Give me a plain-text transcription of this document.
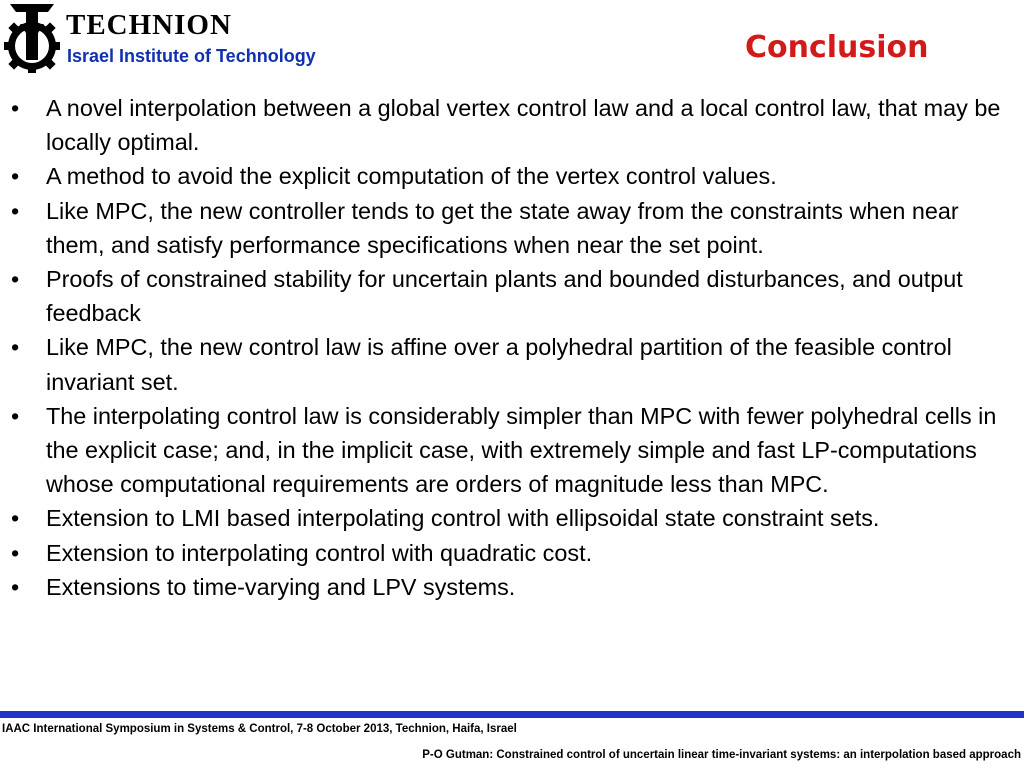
TECHNION
Israel Institute of Technology	Conclusion
• A novel interpolation between a global vertex control law and a local control law, that may be locally optimal.
• A method to avoid the explicit computation of the vertex control values.
• Like MPC, the new controller tends to get the state away from the constraints when near them, and satisfy performance specifications when near the set point.
• Proofs of constrained stability for uncertain plants and bounded disturbances, and output feedback
• Like MPC, the new control law is affine over a polyhedral partition of the feasible control invariant set.
• The interpolating control law is considerably simpler than MPC with fewer polyhedral cells in the explicit case; and, in the implicit case, with extremely simple and fast LP-computations whose computational requirements are orders of magnitude less than MPC.
• Extension to LMI based interpolating control with ellipsoidal state constraint sets.
• Extension to interpolating control with quadratic cost.
• Extensions to time-varying and LPV systems.
IAAC International Symposium in Systems & Control, 7-8 October 2013, Technion, Haifa, Israel
P-O Gutman: Constrained control of uncertain linear time-invariant systems: an interpolation based approach
